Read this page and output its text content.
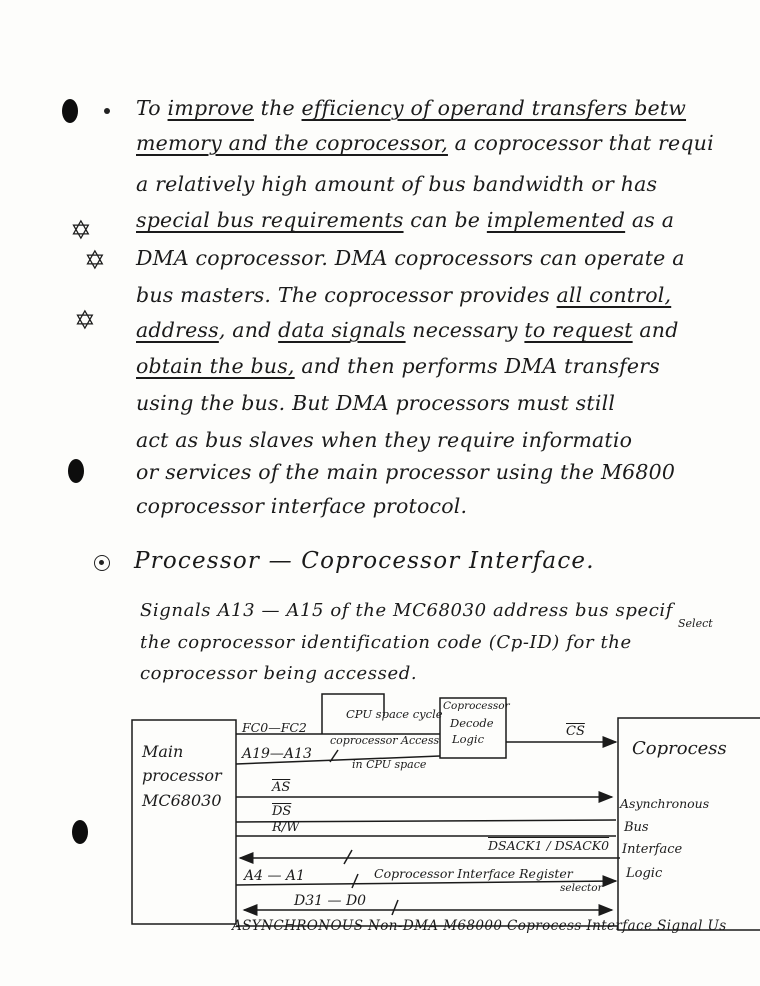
✡
✡
✡
To improve the efficiency of operand transfers betw
memory and the coprocessor, a coprocessor that requi
a relatively high amount of bus bandwidth or has
special bus requirements can be implemented as a
DMA coprocessor. DMA coprocessors can operate a
bus masters. The coprocessor provides all control,
address, and data signals necessary to request and
obtain the bus, and then performs DMA transfers
using the bus. But DMA processors must still
act as bus slaves when they require informatio
or services of the main processor using the M6800
coprocessor interface protocol.
Processor — Coprocessor Interface.
Signals A13 — A15 of the MC68030 address bus specif
the coprocessor identification code (Cp-ID) for the
coprocessor being accessed.
Select
Main
processor
MC68030
Coprocess
Asynchronous
Bus
Interface
Logic
Coprocessor
Decode
Logic
FC0—FC2
CPU space cycle
coprocessor Access
in CPU space
A19—A13
$\overline{CS}$
$\overline{AS}$
$\overline{DS}$
R/W
DSACK1 / DSACK0
A4 — A1	Coprocessor Interface Register
selector
D31 — D0
ASYNCHRONOUS Non-DMA M68000 Coprocess Interface Signal Us
